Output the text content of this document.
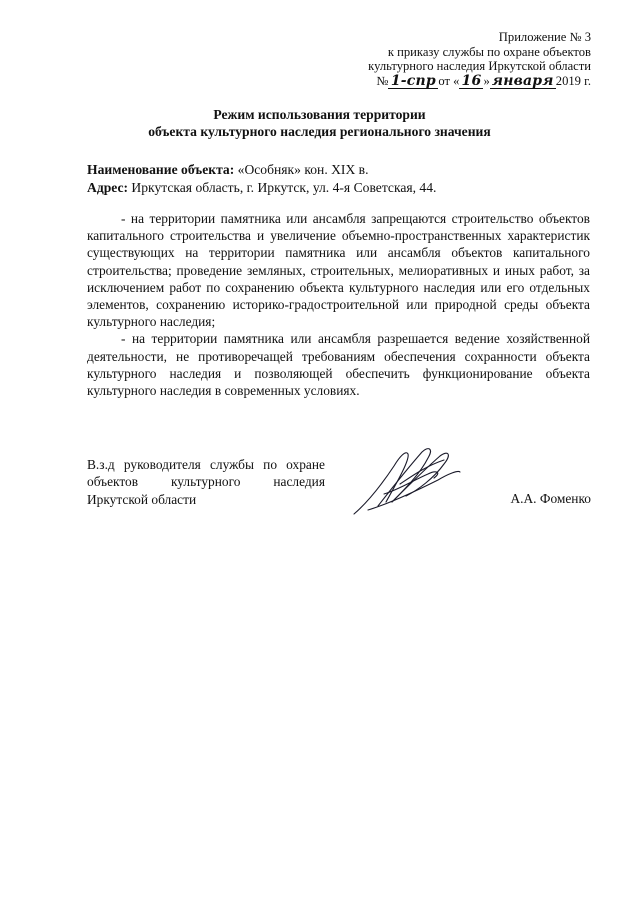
Приложение № 3
к приказу службы по охране объектов
культурного наследия Иркутской области
№ 1-спр от « 16 » января 2019 г.
Режим использования территории
объекта культурного наследия регионального значения
Наименование объекта: «Особняк» кон. XIX в.
Адрес: Иркутская область, г. Иркутск, ул. 4-я Советская, 44.

- на территории памятника или ансамбля запрещаются строительство объектов капитального строительства и увеличение объемно-пространственных характеристик существующих на территории памятника или ансамбля объектов капитального строительства; проведение земляных, строительных, мелиоративных и иных работ, за исключением работ по сохранению объекта культурного наследия или его отдельных элементов, сохранению историко-градостроительной или природной среды объекта культурного наследия;

- на территории памятника или ансамбля разрешается ведение хозяйственной деятельности, не противоречащей требованиям обеспечения сохранности объекта культурного наследия и позволяющей обеспечить функционирование объекта культурного наследия в современных условиях.

В.з.д руководителя службы по охране объектов культурного наследия Иркутской области	А.А. Фоменко
